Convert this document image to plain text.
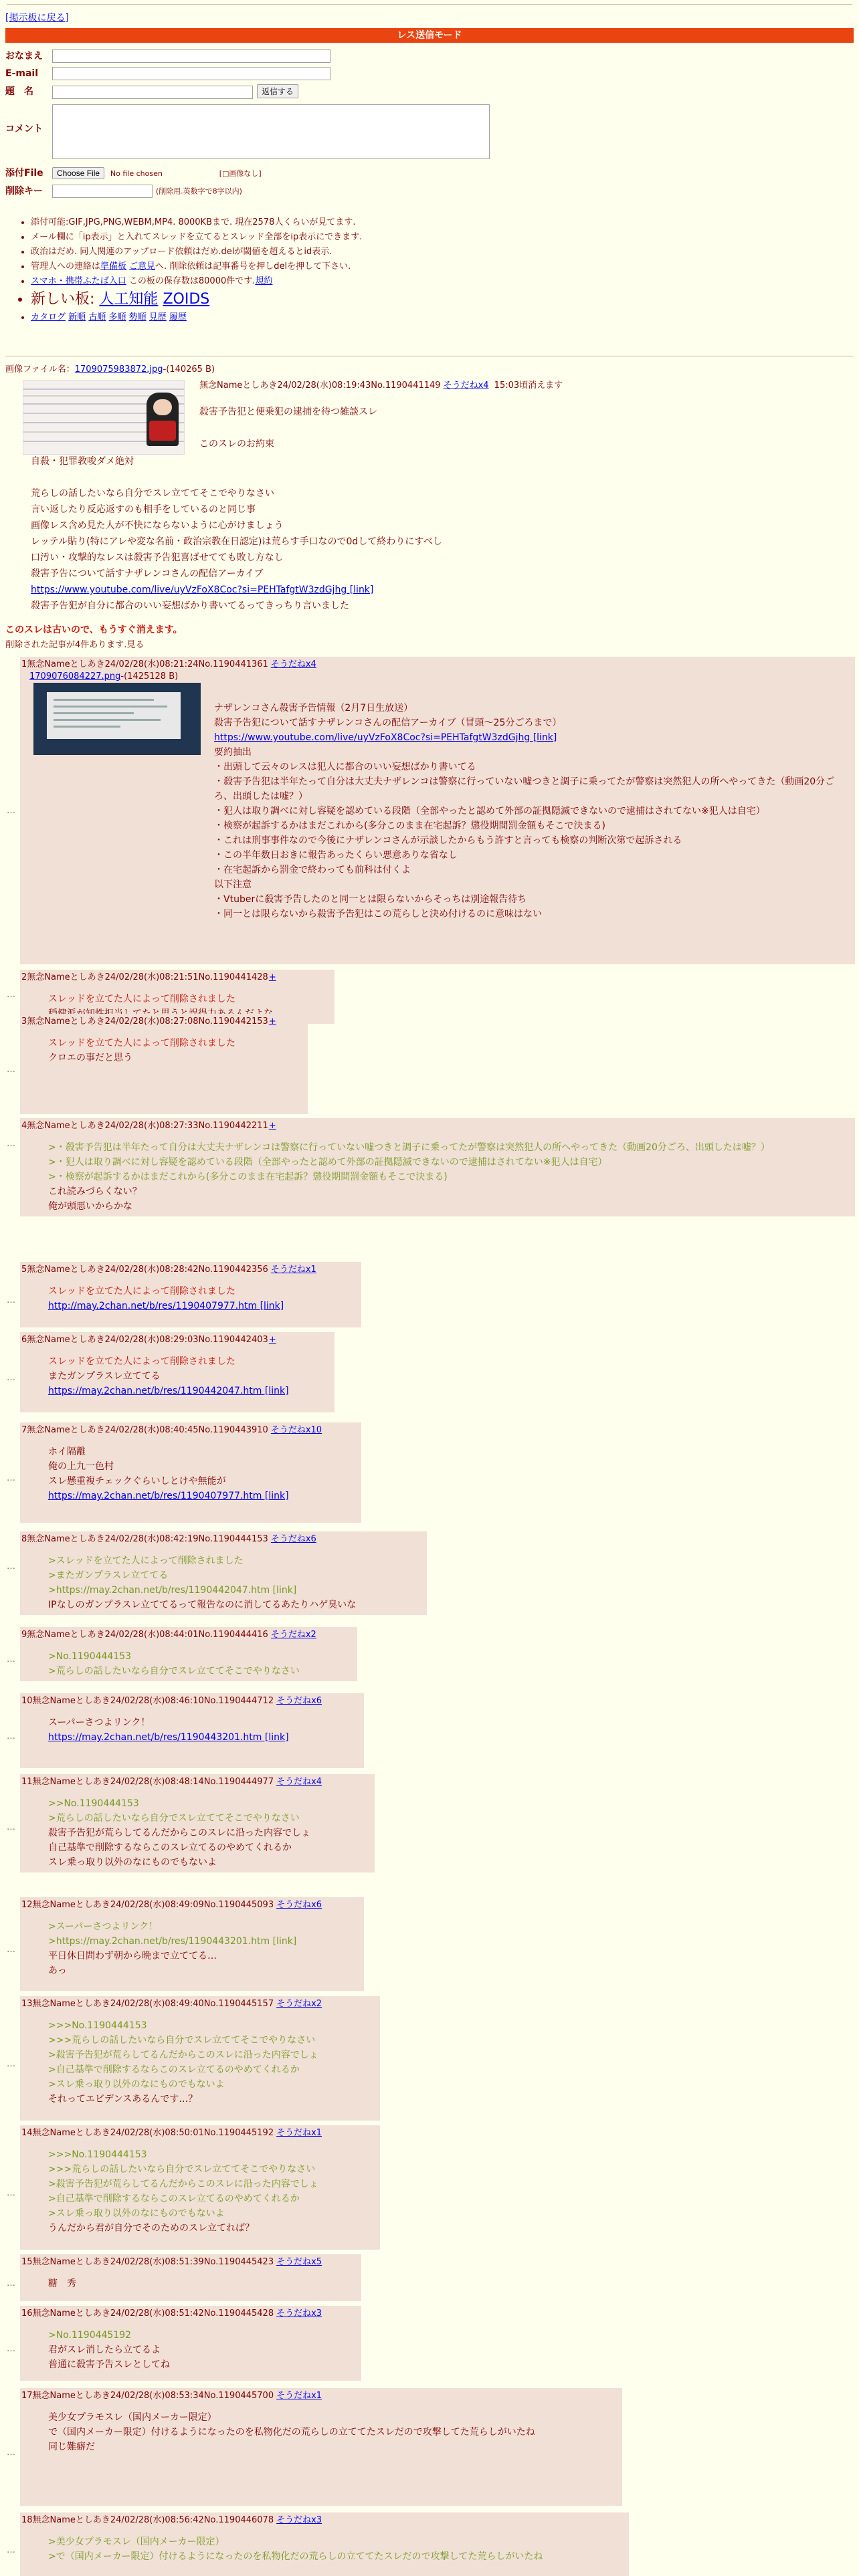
[掲示板に戻る]
レス送信モード
おなまえ
E-mail
題　名	返信する
コメント
添付File Choose File No file chosen	[□画像なし]
削除キー	(削除用.英数字で8字以内)
• 添付可能:GIF,JPG,PNG,WEBM,MP4. 8000KBまで. 現在2578人くらいが見てます.
• メール欄に「ip表示」と入れてスレッドを立てるとスレッド全部をip表示にできます.
• 政治はだめ. 同人関連のアップロード依頼はだめ.delが閾値を超えるとid表示.
• 管理人への連絡は準備板 ご意見へ. 削除依頼は記事番号を押しdelを押して下さい.
• スマホ・携帯ふたば入口 この板の保存数は80000件です.規約
• 新しい板: 人工知能 ZOIDS
• カタログ 新順 古順 多順 勢順 見歴 履歴
画像ファイル名：1709075983872.jpg-(140265 B)
無念Nameとしあき24/02/28(水)08:19:43No.1190441149 そうだねx4 15:03頃消えます
殺害予告犯と便乗犯の逮捕を待つ雑談スレ
このスレのお約束
自殺・犯罪教唆ダメ絶対
荒らしの話したいなら自分でスレ立ててそこでやりなさい
言い返したり反応返すのも相手をしているのと同じ事
画像レス含め見た人が不快にならないように心がけましょう
レッテル貼り(特にアレや変な名前・政治宗教在日認定)は荒らす手口なので0dして終わりにすべし
口汚い・攻撃的なレスは殺害予告犯喜ばせてても敗し方なし
殺害予告について話すナザレンコさんの配信アーカイブ
https://www.youtube.com/live/uyVzFoX8Coc?si=PEHTafgtW3zdGjhg [link]
殺害予告犯が自分に都合のいい妄想ばかり書いてるってきっちり言いました
このスレは古いので、もうすぐ消えます。
削除された記事が4件あります.見る
1無念Nameとしあき24/02/28(水)08:21:24No.1190441361 そうだねx4
1709076084227.png-(1425128 B)
ナザレンコさん殺害予告情報（2月7日生放送）
殺害予告犯について話すナザレンコさんの配信アーカイブ（冒頭〜25分ごろまで）
https://www.youtube.com/live/uyVzFoX8Coc?si=PEHTafgtW3zdGjhg [link]
要約抽出
・出頭して云々のレスは犯人に都合のいい妄想ばかり書いてる
・殺害予告犯は半年たって自分は大丈夫ナザレンコは警察に行っていない嘘つきと調子に乗ってたが警察は突然犯人の所へやってきた（動画20分ごろ、出頭したは嘘？）
・犯人は取り調べに対し容疑を認めている段階（全部やったと認めて外部の証拠隠滅できないので逮捕はされてない※犯人は自宅）
・検察が起訴するかはまだこれから(多分このまま在宅起訴？懲役期間罰金額もそこで決まる)
・これは刑事事件なので今後にナザレンコさんが示談したからもう許すと言っても検察の判断次第で起訴される
・この半年数日おきに報告あったくらい悪意ありな省なし
・在宅起訴から罰金で終わっても前科は付くよ
以下注意
・Vtuberに殺害予告したのと同一とは限らないからそっちは別途報告待ち
・同一とは限らないから殺害予告犯はこの荒らしと決め付けるのに意味はない
…
2無念Nameとしあき24/02/28(水)08:21:51No.1190441428+
スレッドを立てた人によって削除されました
…
3無念Nameとしあき24/02/28(水)08:27:08No.1190442153+
スレッドを立てた人によって削除されました
クロエの事だと思う
…
4無念Nameとしあき24/02/28(水)08:27:33No.1190442211+
>・殺害予告犯は半年たって自分は大丈夫ナザレンコは警察に行っていない嘘つきと調子に乗ってたが警察は突然犯人の所へやってきた（動画20分ごろ、出頭したは嘘？）
>・犯人は取り調べに対し容疑を認めている段階（全部やったと認めて外部の証拠隠滅できないので逮捕はされてない※犯人は自宅）
>・検察が起訴するかはまだこれから(多分このまま在宅起訴？懲役期間罰金額もそこで決まる)
これ読みづらくない？
俺が頭悪いからかな
…
5無念Nameとしあき24/02/28(水)08:28:42No.1190442356 そうだねx1
スレッドを立てた人によって削除されました
http://may.2chan.net/b/res/1190407977.htm [link]
…
6無念Nameとしあき24/02/28(水)08:29:03No.1190442403+
スレッドを立てた人によって削除されました
またガンプラスレ立ててる
https://may.2chan.net/b/res/1190442047.htm [link]
…
7無念Nameとしあき24/02/28(水)08:40:45No.1190443910 そうだねx10
ホイ隔離
俺の上九一色村
スレ懸重複チェックぐらいしとけや無能が
https://may.2chan.net/b/res/1190407977.htm [link]
…
8無念Nameとしあき24/02/28(水)08:42:19No.1190444153 そうだねx6
>スレッドを立てた人によって削除されました
>またガンプラスレ立ててる
>https://may.2chan.net/b/res/1190442047.htm [link]
IPなしのガンプラスレ立ててるって報告なのに消してるあたりハゲ臭いな
…
9無念Nameとしあき24/02/28(水)08:44:01No.1190444416 そうだねx2
>No.1190444153
>荒らしの話したいなら自分でスレ立ててそこでやりなさい
…
10無念Nameとしあき24/02/28(水)08:46:10No.1190444712 そうだねx6
スーパーさつよリンク！
https://may.2chan.net/b/res/1190443201.htm [link]
…
11無念Nameとしあき24/02/28(水)08:48:14No.1190444977 そうだねx4
>>No.1190444153
>荒らしの話したいなら自分でスレ立ててそこでやりなさい
殺害予告犯が荒らしてるんだからこのスレに沿った内容でしょ
自己基準で削除するならこのスレ立てるのやめてくれるか
スレ乗っ取り以外のなにものでもないよ
…
12無念Nameとしあき24/02/28(水)08:49:09No.1190445093 そうだねx6
>スーパーさつよリンク！
>https://may.2chan.net/b/res/1190443201.htm [link]
平日休日問わず朝から晩まで立ててる…
あっ
…
13無念Nameとしあき24/02/28(水)08:49:40No.1190445157 そうだねx2
>>>No.1190444153
>>>荒らしの話したいなら自分でスレ立ててそこでやりなさい
>殺害予告犯が荒らしてるんだからこのスレに沿った内容でしょ
>自己基準で削除するならこのスレ立てるのやめてくれるか
>スレ乗っ取り以外のなにものでもないよ
それってエビデンスあるんです…？
…
14無念Nameとしあき24/02/28(水)08:50:01No.1190445192 そうだねx1
>>>No.1190444153
>>>荒らしの話したいなら自分でスレ立ててそこでやりなさい
>殺害予告犯が荒らしてるんだからこのスレに沿った内容でしょ
>自己基準で削除するならこのスレ立てるのやめてくれるか
>スレ乗っ取り以外のなにものでもないよ
うんだから君が自分でそのためのスレ立てれば？
…
15無念Nameとしあき24/02/28(水)08:51:39No.1190445423 そうだねx5
糖　秀
…
16無念Nameとしあき24/02/28(水)08:51:42No.1190445428 そうだねx3
>No.1190445192
君がスレ消したら立てるよ
普通に殺害予告スレとしてね
…
17無念Nameとしあき24/02/28(水)08:53:34No.1190445700 そうだねx1
美少女プラモスレ（国内メーカー限定）
で（国内メーカー限定）付けるようになったのを私物化だの荒らしの立ててたスレだので攻撃してた荒らしがいたね
同じ難癖だ
…
18無念Nameとしあき24/02/28(水)08:56:42No.1190446078 そうだねx3
>美少女プラモスレ（国内メーカー限定）
>で（国内メーカー限定）付けるようになったのを私物化だの荒らしの立ててたスレだので攻撃してた荒らしがいたね
…
